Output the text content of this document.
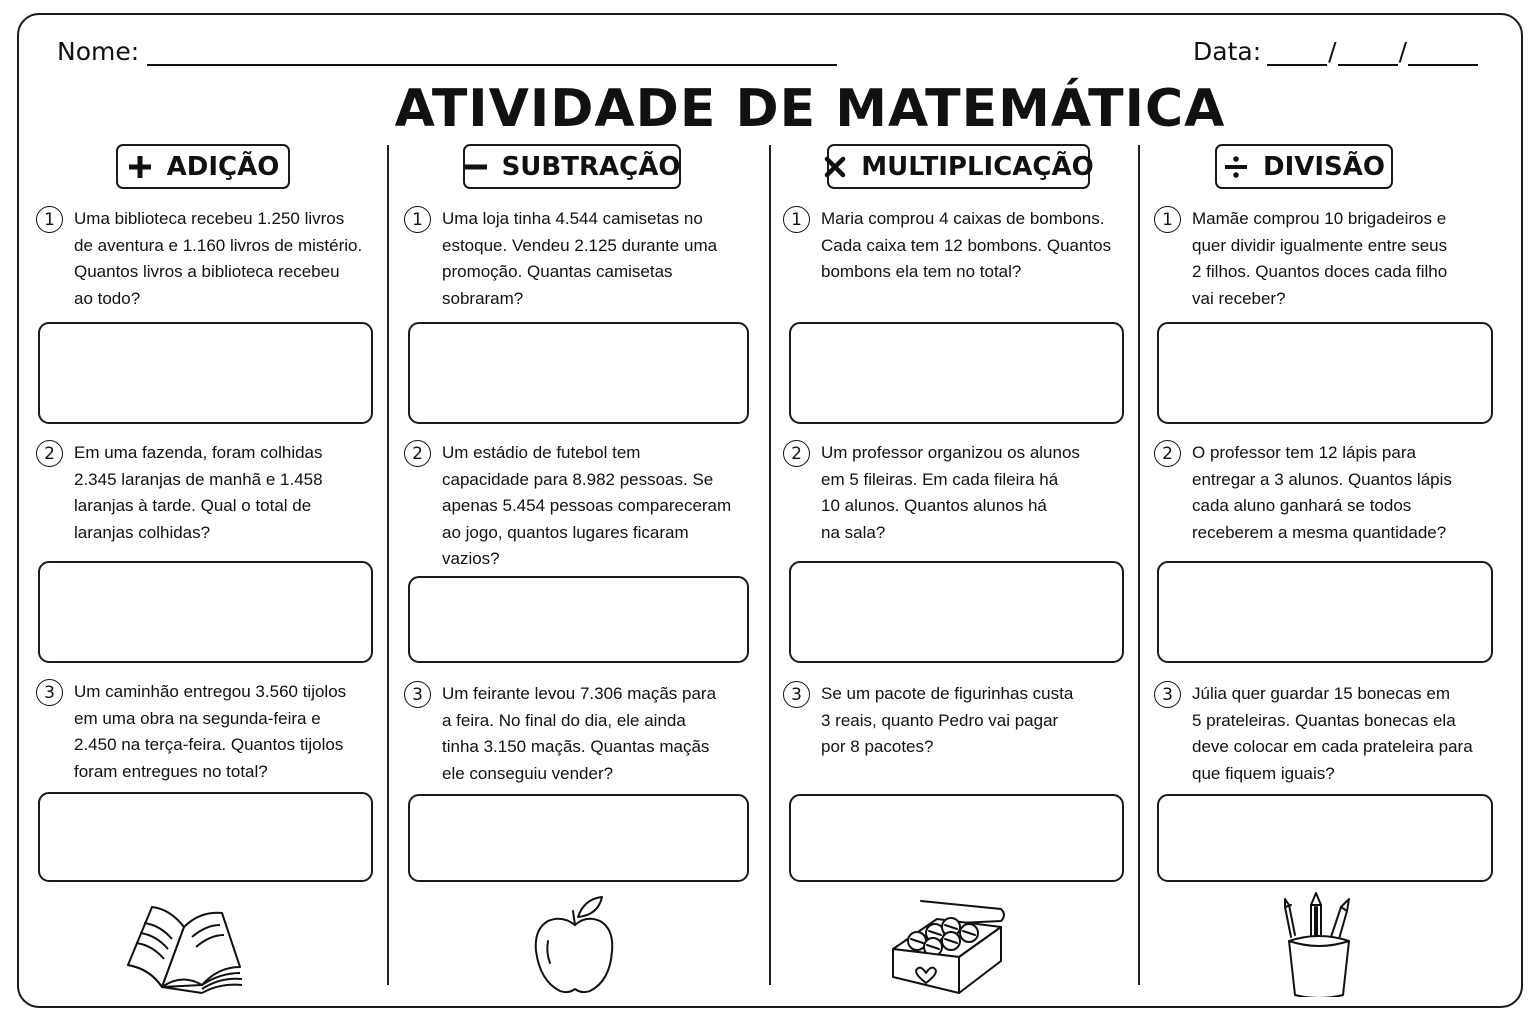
Nome:	Data:	/ /
ATIVIDADE DE MATEMÁTICA
ADIÇÃO
1	Uma biblioteca recebeu 1.250 livros
de aventura e 1.160 livros de mistério.
Quantos livros a biblioteca recebeu
ao todo?
2	Em uma fazenda, foram colhidas
2.345 laranjas de manhã e 1.458
laranjas à tarde. Qual o total de
laranjas colhidas?
3	Um caminhão entregou 3.560 tijolos
em uma obra na segunda-feira e
2.450 na terça-feira. Quantos tijolos
foram entregues no total?
SUBTRAÇÃO
1	Uma loja tinha 4.544 camisetas no
estoque. Vendeu 2.125 durante uma
promoção. Quantas camisetas
sobraram?
2	Um estádio de futebol tem
capacidade para 8.982 pessoas. Se
apenas 5.454 pessoas compareceram
ao jogo, quantos lugares ficaram
vazios?
3	Um feirante levou 7.306 maçãs para
a feira. No final do dia, ele ainda
tinha 3.150 maçãs. Quantas maçãs
ele conseguiu vender?
MULTIPLICAÇÃO
1	Maria comprou 4 caixas de bombons.
Cada caixa tem 12 bombons. Quantos
bombons ela tem no total?
2	Um professor organizou os alunos
em 5 fileiras. Em cada fileira há
10 alunos. Quantos alunos há
na sala?
3	Se um pacote de figurinhas custa
3 reais, quanto Pedro vai pagar
por 8 pacotes?
DIVISÃO
1	Mamãe comprou 10 brigadeiros e
quer dividir igualmente entre seus
2 filhos. Quantos doces cada filho
vai receber?
2	O professor tem 12 lápis para
entregar a 3 alunos. Quantos lápis
cada aluno ganhará se todos
receberem a mesma quantidade?
3	Júlia quer guardar 15 bonecas em
5 prateleiras. Quantas bonecas ela
deve colocar em cada prateleira para
que fiquem iguais?
